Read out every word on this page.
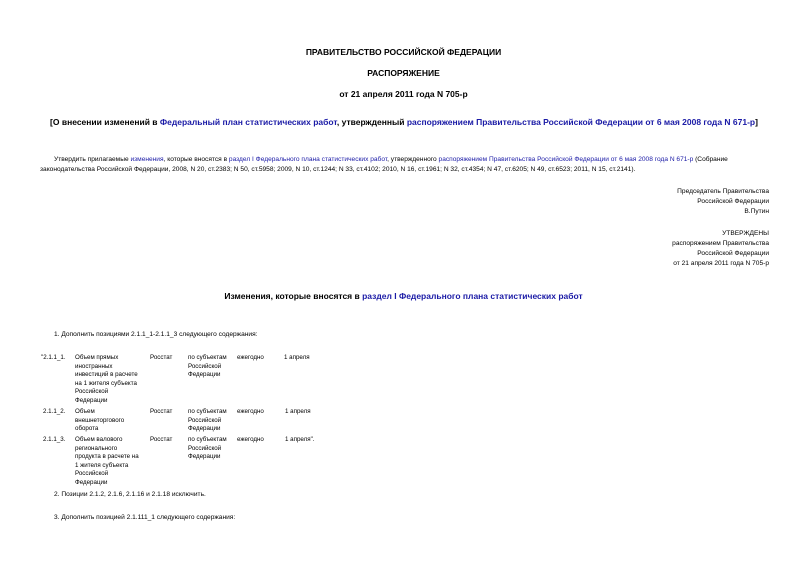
ПРАВИТЕЛЬСТВО РОССИЙСКОЙ ФЕДЕРАЦИИ
РАСПОРЯЖЕНИЕ
от 21 апреля 2011 года N 705-р
[О внесении изменений в Федеральный план статистических работ, утвержденный распоряжением Правительства Российской Федерации от 6 мая 2008 года N 671-р]
Утвердить прилагаемые изменения, которые вносятся в раздел I Федерального плана статистических работ, утвержденного распоряжением Правительства Российской Федерации от 6 мая 2008 года N 671-р (Собрание законодательства Российской Федерации, 2008, N 20, ст.2383; N 50, ст.5958; 2009, N 10, ст.1244; N 33, ст.4102; 2010, N 16, ст.1961; N 32, ст.4354; N 47, ст.6205; N 49, ст.6523; 2011, N 15, ст.2141).
Председатель Правительства
Российской Федерации
В.Путин
УТВЕРЖДЕНЫ
распоряжением Правительства
Российской Федерации
от 21 апреля 2011 года N 705-р
Изменения, которые вносятся в раздел I Федерального плана статистических работ
1. Дополнить позициями 2.1.1_1-2.1.1_3 следующего содержания:
"2.1.1_1. Объем прямых
иностранных
инвестиций в расчете
на 1 жителя субъекта
Российской
Федерации
Росстат	по субъектам
Российской
Федерации
ежегодно	1 апреля
2.1.1_2. Объем
внешнеторгового
оборота
Росстат	по субъектам
Российской
Федерации
ежегодно	1 апреля
2.1.1_3. Объем валового
регионального
продукта в расчете на
1 жителя субъекта
Российской
Федерации
Росстат	по субъектам
Российской
Федерации
ежегодно	1 апреля".
2. Позиции 2.1.2, 2.1.6, 2.1.16 и 2.1.18 исключить.
3. Дополнить позицией 2.1.111_1 следующего содержания:
